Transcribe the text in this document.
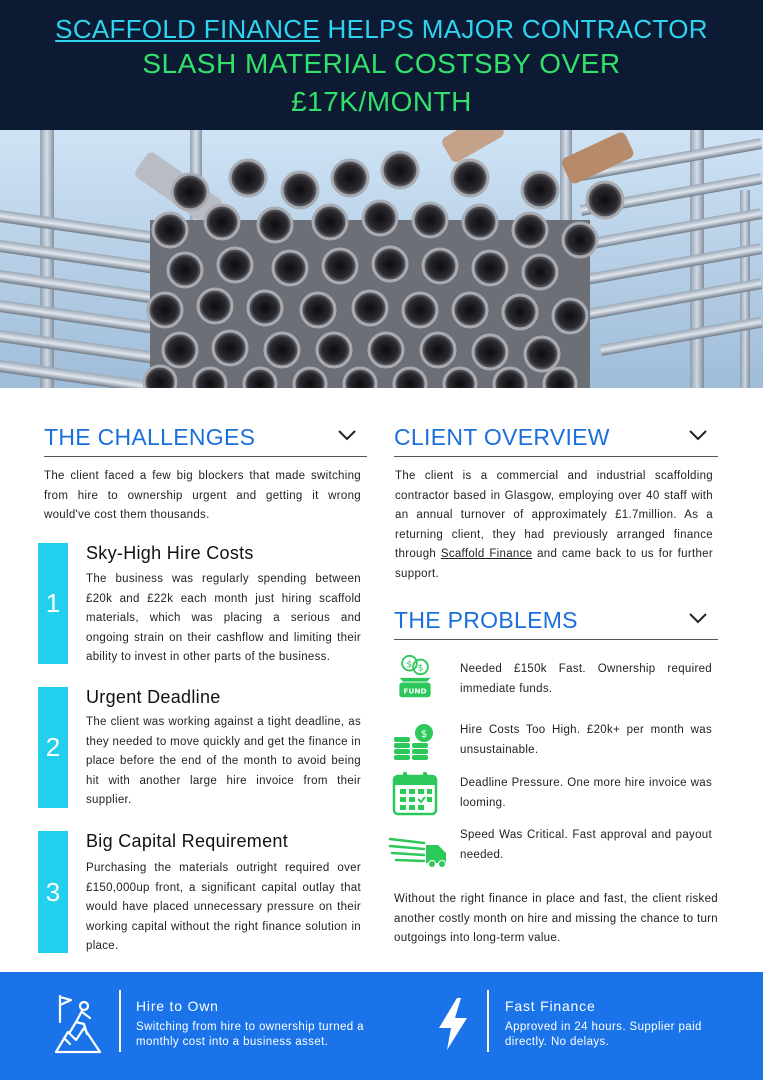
SCAFFOLD FINANCE HELPS MAJOR CONTRACTOR
SLASH MATERIAL COSTSBY OVER
£17K/MONTH
THE CHALLENGES
The client faced a few big blockers that made switching from hire to ownership urgent and getting it wrong would've cost them thousands.
1
Sky-High Hire Costs
The business was regularly spending between £20k and £22k each month just hiring scaffold materials, which was placing a serious and ongoing strain on their cashflow and limiting their ability to invest in other parts of the business.
2
Urgent Deadline
The client was working against a tight deadline, as they needed to move quickly and get the finance in place before the end of the month to avoid being hit with another large hire invoice from their supplier.
3
Big Capital Requirement
Purchasing the materials outright required over £150,000up front, a significant capital outlay that would have placed unnecessary pressure on their working capital without the right finance solution in place.
CLIENT OVERVIEW
The client is a commercial and industrial scaffolding contractor based in Glasgow, employing over 40 staff with an annual turnover of approximately £1.7million. As a returning client, they had previously arranged finance through Scaffold Finance and came back to us for further support.
THE PROBLEMS
$ $
FUND
Needed £150k Fast. Ownership required immediate funds.
$	Hire Costs Too High. £20k+ per month was unsustainable.
Deadline Pressure. One more hire invoice was looming.
Speed Was Critical. Fast approval and payout needed.
Without the right finance in place and fast, the client risked another costly month on hire and missing the chance to turn outgoings into long-term value.
Hire to Own
Switching from hire to ownership turned a monthly cost into a business asset.
Fast Finance
Approved in 24 hours. Supplier paid directly. No delays.
